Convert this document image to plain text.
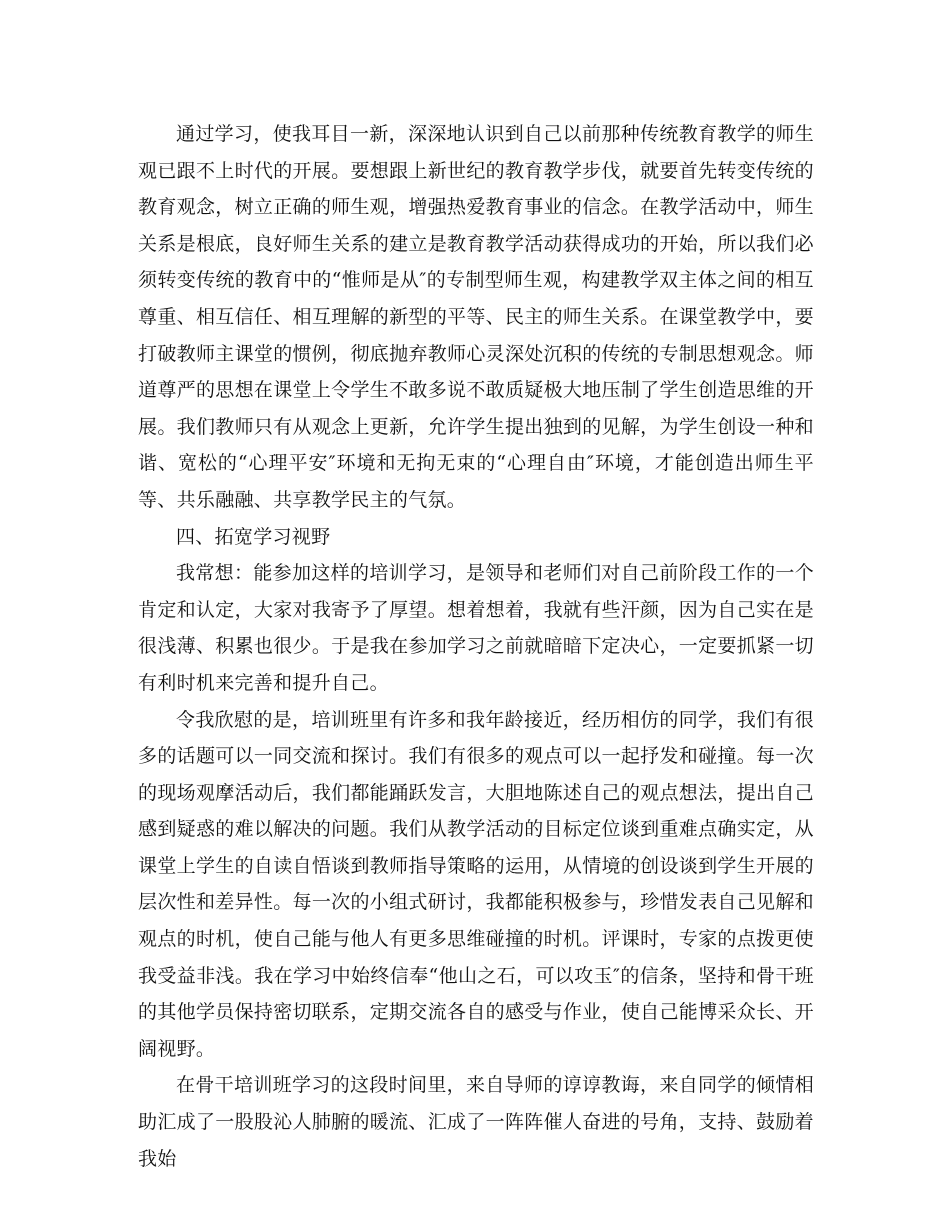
通过学习，使我耳目一新，深深地认识到自己以前那种传统教育教学的师生观已跟不上时代的开展。要想跟上新世纪的教育教学步伐，就要首先转变传统的教育观念，树立正确的师生观，增强热爱教育事业的信念。在教学活动中，师生关系是根底，良好师生关系的建立是教育教学活动获得成功的开始，所以我们必须转变传统的教育中的“惟师是从″的专制型师生观，构建教学双主体之间的相互尊重、相互信任、相互理解的新型的平等、民主的师生关系。在课堂教学中，要打破教师主课堂的惯例，彻底抛弃教师心灵深处沉积的传统的专制思想观念。师道尊严的思想在课堂上令学生不敢多说不敢质疑极大地压制了学生创造思维的开展。我们教师只有从观念上更新，允许学生提出独到的见解，为学生创设一种和谐、宽松的“心理平安″环境和无拘无束的“心理自由″环境，才能创造出师生平等、共乐融融、共享教学民主的气氛。

四、拓宽学习视野

我常想：能参加这样的培训学习，是领导和老师们对自己前阶段工作的一个肯定和认定，大家对我寄予了厚望。想着想着，我就有些汗颜，因为自己实在是很浅薄、积累也很少。于是我在参加学习之前就暗暗下定决心，一定要抓紧一切有利时机来完善和提升自己。

令我欣慰的是，培训班里有许多和我年龄接近，经历相仿的同学，我们有很多的话题可以一同交流和探讨。我们有很多的观点可以一起抒发和碰撞。每一次的现场观摩活动后，我们都能踊跃发言，大胆地陈述自己的观点想法，提出自己感到疑惑的难以解决的问题。我们从教学活动的目标定位谈到重难点确实定，从课堂上学生的自读自悟谈到教师指导策略的运用，从情境的创设谈到学生开展的层次性和差异性。每一次的小组式研讨，我都能积极参与，珍惜发表自己见解和观点的时机，使自己能与他人有更多思维碰撞的时机。评课时，专家的点拨更使我受益非浅。我在学习中始终信奉“他山之石，可以攻玉″的信条，坚持和骨干班的其他学员保持密切联系，定期交流各自的感受与作业，使自己能博采众长、开阔视野。

在骨干培训班学习的这段时间里，来自导师的谆谆教诲，来自同学的倾情相助汇成了一股股沁人肺腑的暖流、汇成了一阵阵催人奋进的号角，支持、鼓励着我始
